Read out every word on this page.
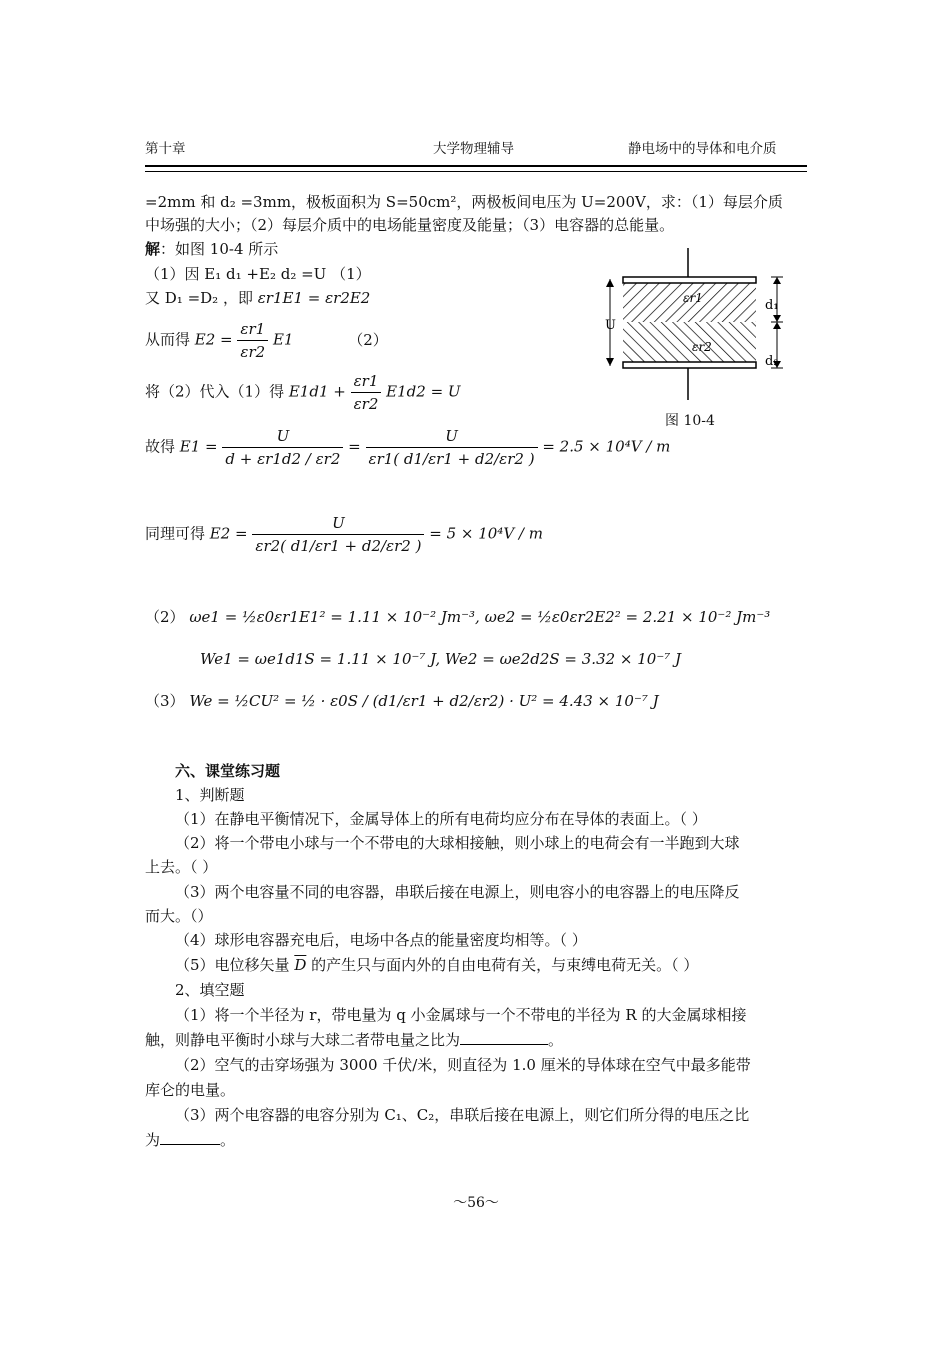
第十章	大学物理辅导	静电场中的导体和电介质
=2mm 和 d₂ =3mm，极板面积为 S=50cm²，两极板间电压为 U=200V，求：（1）每层介质
中场强的大小；（2）每层介质中的电场能量密度及能量；（3）电容器的总能量。
解：如图 10-4 所示
（1）因 E₁ d₁ +E₂ d₂ =U （1）
又 D₁ =D₂ ，即 εr1E1 = εr2E2
从而得 $E2 = \frac{\varepsilon r1}{\varepsilon r2} E1$	（2）
将（2）代入（1）得 $E1d1 + \frac{\varepsilon r1}{\varepsilon r2} E1d2 = U$
故得 $E1 = \frac{U}{d + \varepsilon r1d2 / \varepsilon r2} = \frac{U}{\varepsilon r1( d1/\varepsilon r1 + d2/\varepsilon r2 )} = 2.5 \times 10^4V / m$
同理可得 $E2 = \frac{U}{\varepsilon r2( d1/\varepsilon r1 + d2/\varepsilon r2 )} = 5 \times 10^4V / m$
（2） ωe1 = ½ε0εr1E1² = 1.11 × 10⁻² Jm⁻³, ωe2 = ½ε0εr2E2² = 2.21 × 10⁻² Jm⁻³
We1 = ωe1d1S = 1.11 × 10⁻⁷ J, We2 = ωe2d2S = 3.32 × 10⁻⁷ J
（3） We = ½CU² = ½ · ε0S / (d1/εr1 + d2/εr2) · U² = 4.43 × 10⁻⁷ J
U
d₁
d₂
εr1
εr2
图 10-4
六、课堂练习题
1、判断题
（1）在静电平衡情况下，金属导体上的所有电荷均应分布在导体的表面上。（ ）
（2）将一个带电小球与一个不带电的大球相接触，则小球上的电荷会有一半跑到大球
上去。（ ）
（3）两个电容量不同的电容器，串联后接在电源上，则电容小的电容器上的电压降反
而大。（）
（4）球形电容器充电后，电场中各点的能量密度均相等。（ ）
（5）电位移矢量 $\overline{D}$ 的产生只与面内外的自由电荷有关，与束缚电荷无关。（ ）
2、填空题
（1）将一个半径为 r，带电量为 q 小金属球与一个不带电的半径为 R 的大金属球相接
触，则静电平衡时小球与大球二者带电量之比为	。
（2）空气的击穿场强为 3000 千伏/米，则直径为 1.0 厘米的导体球在空气中最多能带
库仑的电量。
（3）两个电容器的电容分别为 C₁、C₂，串联后接在电源上，则它们所分得的电压之比
为	。
～56～
